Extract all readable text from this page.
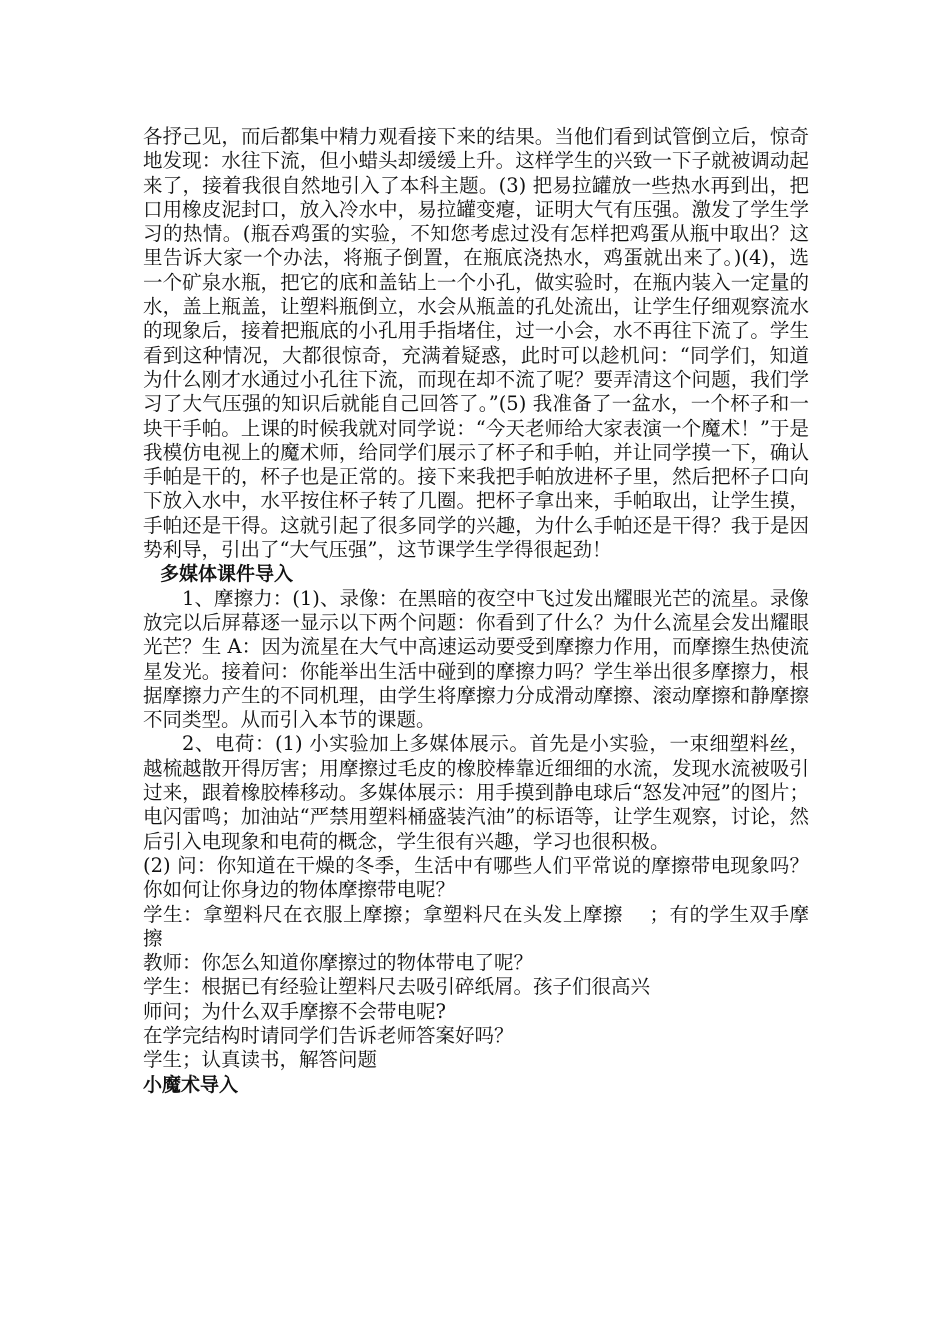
各抒己见，而后都集中精力观看接下来的结果。当他们看到试管倒立后，惊奇地发现：水往下流，但小蜡头却缓缓上升。这样学生的兴致一下子就被调动起来了，接着我很自然地引入了本科主题。(3) 把易拉罐放一些热水再到出，把口用橡皮泥封口，放入冷水中，易拉罐变瘪，证明大气有压强。激发了学生学习的热情。(瓶吞鸡蛋的实验，不知您考虑过没有怎样把鸡蛋从瓶中取出？这里告诉大家一个办法，将瓶子倒置，在瓶底浇热水，鸡蛋就出来了。)(4)，选一个矿泉水瓶，把它的底和盖钻上一个小孔，做实验时，在瓶内装入一定量的水，盖上瓶盖，让塑料瓶倒立，水会从瓶盖的孔处流出，让学生仔细观察流水的现象后，接着把瓶底的小孔用手指堵住，过一小会，水不再往下流了。学生看到这种情况，大都很惊奇，充满着疑惑，此时可以趁机问：“同学们，知道为什么刚才水通过小孔往下流，而现在却不流了呢？要弄清这个问题，我们学习了大气压强的知识后就能自己回答了。”(5) 我准备了一盆水，一个杯子和一块干手帕。上课的时候我就对同学说：“今天老师给大家表演一个魔术！”于是我模仿电视上的魔术师，给同学们展示了杯子和手帕，并让同学摸一下，确认手帕是干的，杯子也是正常的。接下来我把手帕放进杯子里，然后把杯子口向下放入水中，水平按住杯子转了几圈。把杯子拿出来，手帕取出，让学生摸，手帕还是干得。这就引起了很多同学的兴趣，为什么手帕还是干得？我于是因势利导，引出了“大气压强”，这节课学生学得很起劲！

多媒体课件导入

1、摩擦力：(1)、录像：在黑暗的夜空中飞过发出耀眼光芒的流星。录像放完以后屏幕逐一显示以下两个问题：你看到了什么？为什么流星会发出耀眼光芒？生 A：因为流星在大气中高速运动要受到摩擦力作用，而摩擦生热使流星发光。接着问：你能举出生活中碰到的摩擦力吗？学生举出很多摩擦力，根据摩擦力产生的不同机理，由学生将摩擦力分成滑动摩擦、滚动摩擦和静摩擦不同类型。从而引入本节的课题。

2、电荷：(1) 小实验加上多媒体展示。首先是小实验，一束细塑料丝，越梳越散开得厉害；用摩擦过毛皮的橡胶棒靠近细细的水流，发现水流被吸引过来，跟着橡胶棒移动。多媒体展示：用手摸到静电球后“怒发冲冠”的图片；电闪雷鸣；加油站“严禁用塑料桶盛装汽油”的标语等，让学生观察，讨论，然后引入电现象和电荷的概念，学生很有兴趣，学习也很积极。

(2) 问：你知道在干燥的冬季，生活中有哪些人们平常说的摩擦带电现象吗？你如何让你身边的物体摩擦带电呢？

学生：拿塑料尺在衣服上摩擦；拿塑料尺在头发上摩擦　 ；有的学生双手摩擦

教师：你怎么知道你摩擦过的物体带电了呢？

学生：根据已有经验让塑料尺去吸引碎纸屑。孩子们很高兴

师问；为什么双手摩擦不会带电呢?

在学完结构时请同学们告诉老师答案好吗？

学生；认真读书，解答问题

小魔术导入
